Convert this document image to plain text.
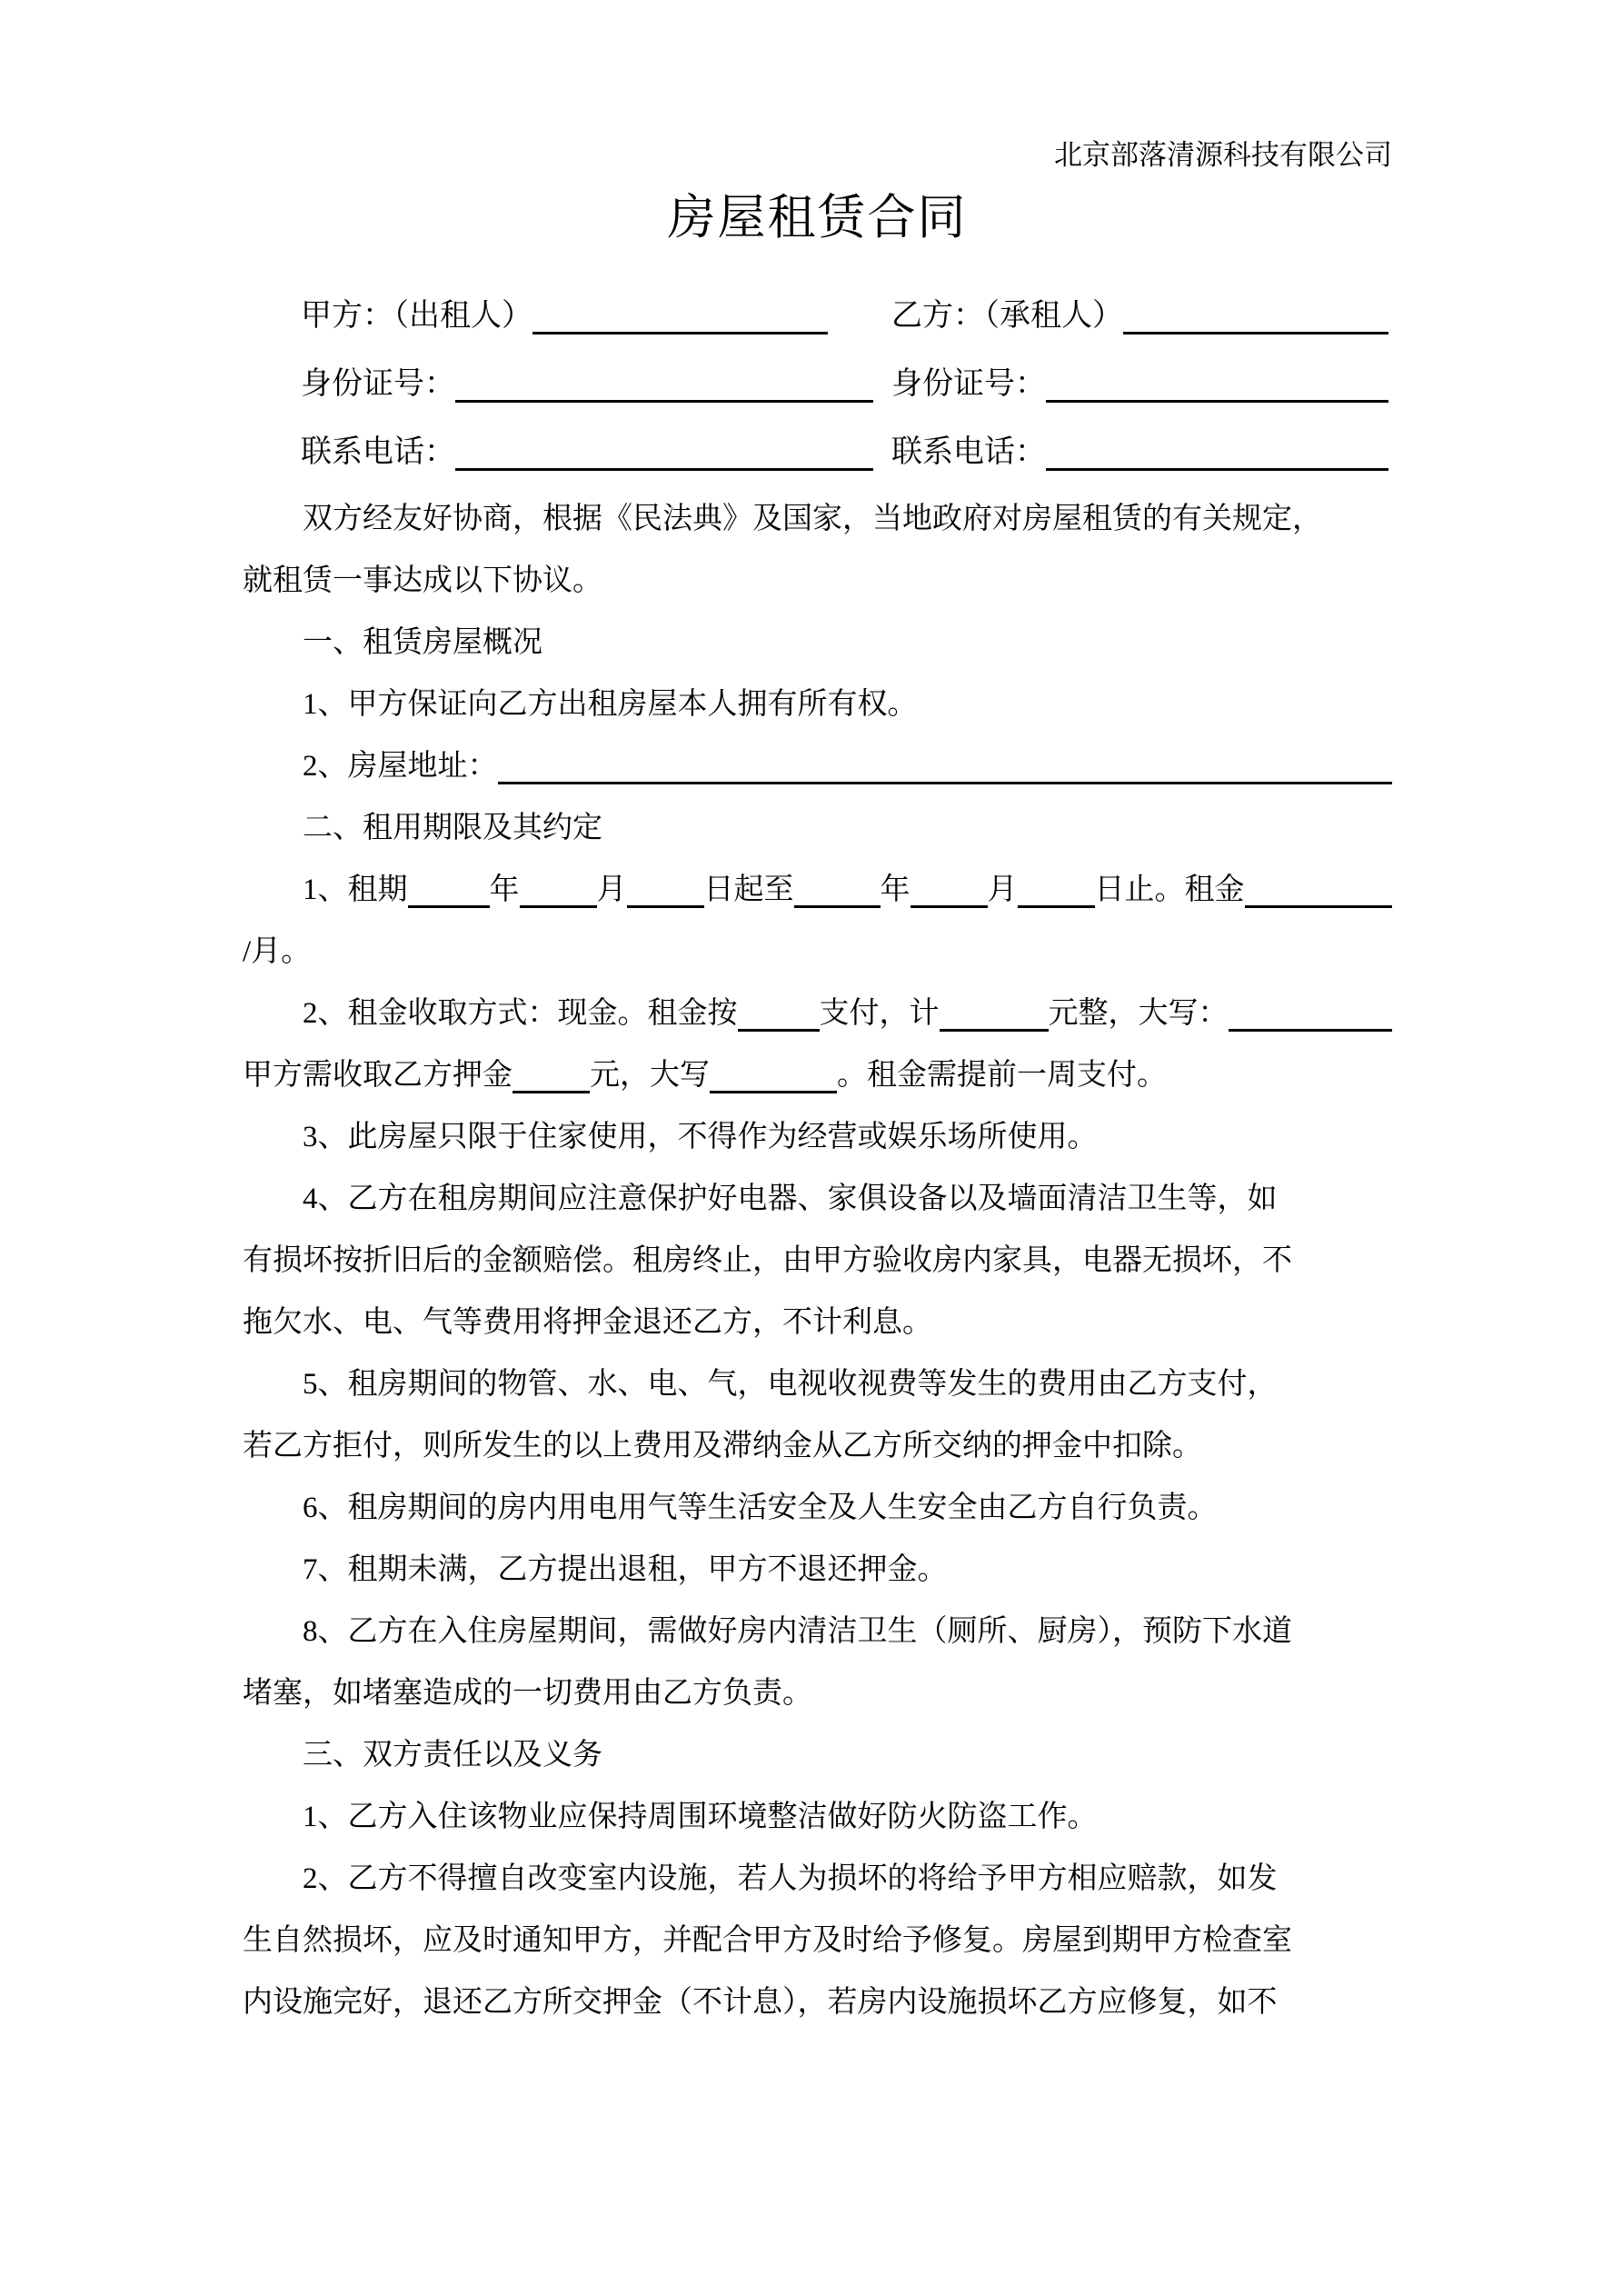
北京部落清源科技有限公司
房屋租赁合同
甲方：（出租人）	乙方：（承租人）
身份证号：	身份证号：
联系电话：	联系电话：
双方经友好协商，根据《民法典》及国家，当地政府对房屋租赁的有关规定，
就租赁一事达成以下协议。
一、租赁房屋概况
1、甲方保证向乙方出租房屋本人拥有所有权。
2、房屋地址：
二、租用期限及其约定
1、租期	年	月	日起至	年	月	日止。租金
/月。
2、租金收取方式：现金。租金按	支付，计	元整，大写：
甲方需收取乙方押金	元，大写	。租金需提前一周支付。
3、此房屋只限于住家使用，不得作为经营或娱乐场所使用。
4、乙方在租房期间应注意保护好电器、家俱设备以及墙面清洁卫生等，如
有损坏按折旧后的金额赔偿。租房终止，由甲方验收房内家具，电器无损坏，不
拖欠水、电、气等费用将押金退还乙方，不计利息。
5、租房期间的物管、水、电、气，电视收视费等发生的费用由乙方支付，
若乙方拒付，则所发生的以上费用及滞纳金从乙方所交纳的押金中扣除。
6、租房期间的房内用电用气等生活安全及人生安全由乙方自行负责。
7、租期未满，乙方提出退租，甲方不退还押金。
8、乙方在入住房屋期间，需做好房内清洁卫生（厕所、厨房），预防下水道
堵塞，如堵塞造成的一切费用由乙方负责。
三、双方责任以及义务
1、乙方入住该物业应保持周围环境整洁做好防火防盗工作。
2、乙方不得擅自改变室内设施，若人为损坏的将给予甲方相应赔款，如发
生自然损坏，应及时通知甲方，并配合甲方及时给予修复。房屋到期甲方检查室
内设施完好，退还乙方所交押金（不计息），若房内设施损坏乙方应修复，如不
